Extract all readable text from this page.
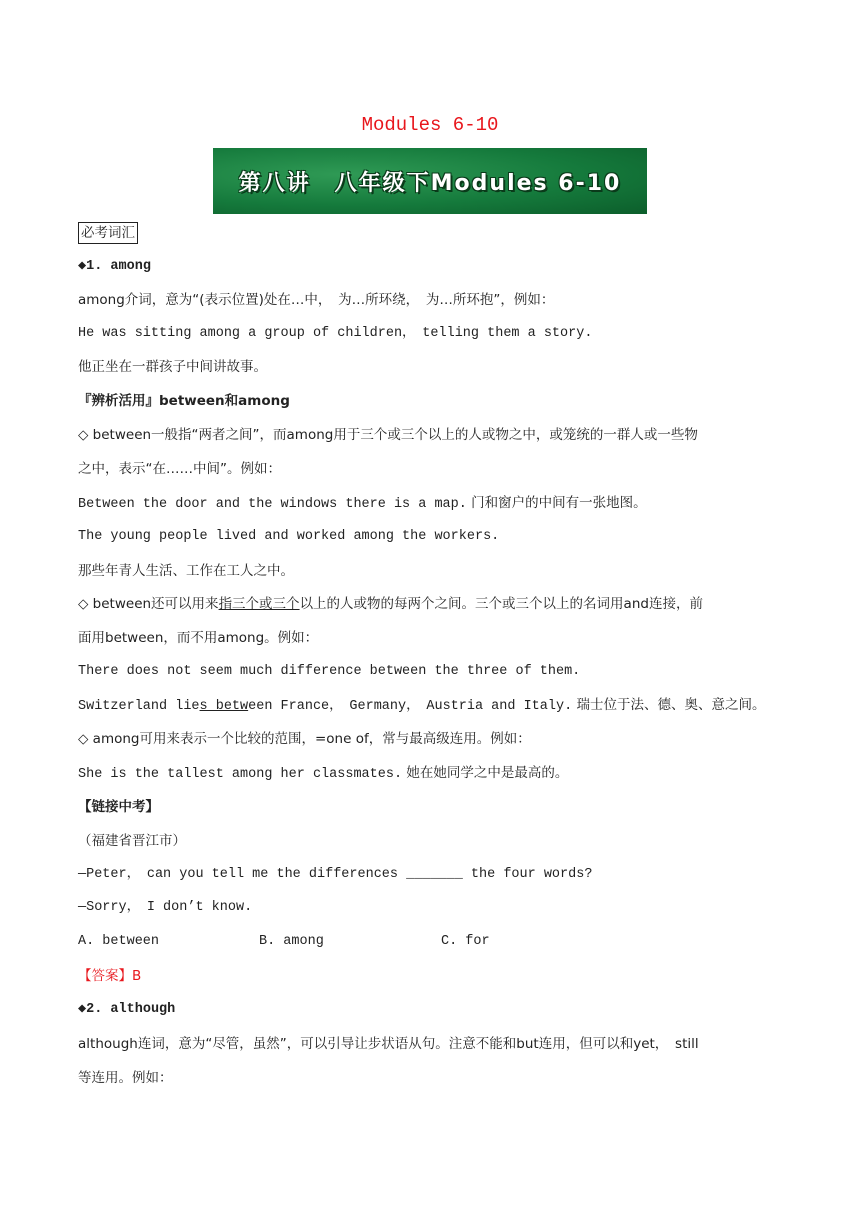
Modules 6-10
第八讲　八年级下Modules 6-10
必考词汇
◆1. among
among介词，意为“(表示位置)处在…中，　为…所环绕，　为…所环抱”，例如：
He was sitting among a group of children，　telling them a story.
他正坐在一群孩子中间讲故事。
『辨析活用』between和among
◇ between一般指“两者之间”，而among用于三个或三个以上的人或物之中，或笼统的一群人或一些物
之中，表示“在……中间”。例如：
Between the door and the windows there is a map. 门和窗户的中间有一张地图。
The young people lived and worked among the workers.
那些年青人生活、工作在工人之中。
◇ between还可以用来指三个或三个以上的人或物的每两个之间。三个或三个以上的名词用and连接，前
面用between，而不用among。例如：
There does not seem much difference between the three of them.
Switzerland lies between France，　Germany，　Austria and Italy. 瑞士位于法、德、奥、意之间。
◇ among可用来表示一个比较的范围，=one of，常与最高级连用。例如：
She is the tallest among her classmates. 她在她同学之中是最高的。
【链接中考】
（福建省晋江市）
—Peter，　can you tell me the differences _______ the four words?
—Sorry，　I don’t know.
A. between	B. among	C. for
【答案】B
◆2. although
although连词，意为“尽管，虽然”，可以引导让步状语从句。注意不能和but连用，但可以和yet，　still
等连用。例如：
